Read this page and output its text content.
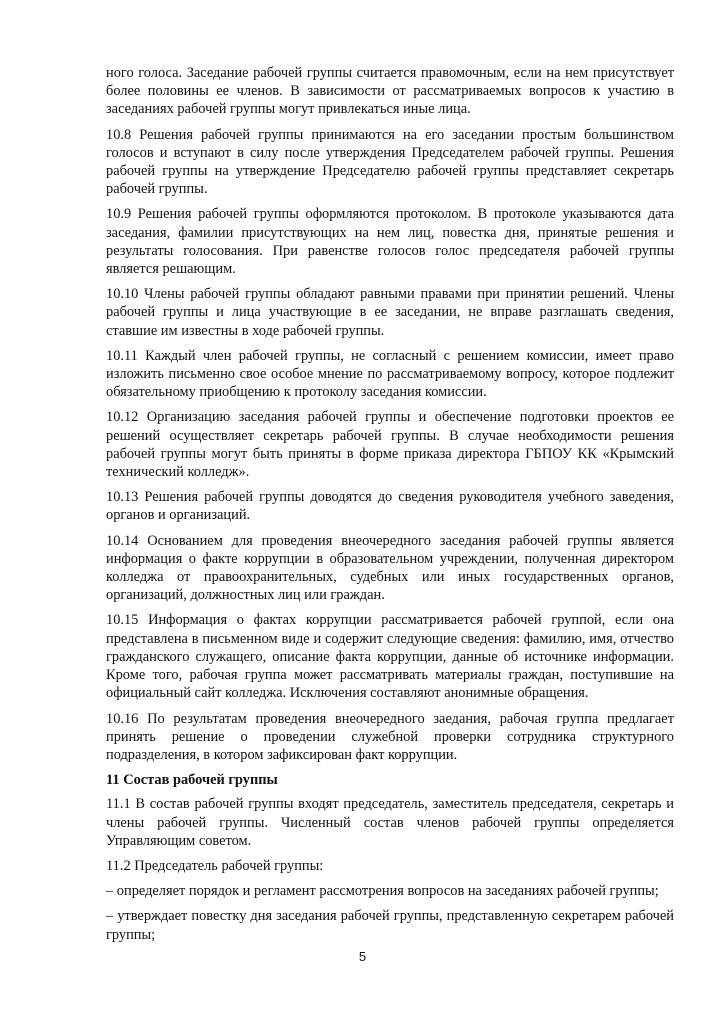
ного голоса. Заседание рабочей группы считается правомочным, если на нем присутствует более половины ее членов. В зависимости от рассматриваемых вопросов к участию в заседаниях рабочей группы могут привлекаться иные лица.

10.8 Решения рабочей группы принимаются на его заседании простым большинством голосов и вступают в силу после утверждения Председателем рабочей группы. Решения рабочей группы на утверждение Председателю рабочей группы представляет секретарь рабочей группы.

10.9 Решения рабочей группы оформляются протоколом. В протоколе указываются дата заседания, фамилии присутствующих на нем лиц, повестка дня, принятые решения и результаты голосования. При равенстве голосов голос председателя рабочей группы является решающим.

10.10 Члены рабочей группы обладают равными правами при принятии решений. Члены рабочей группы и лица участвующие в ее заседании, не вправе разглашать сведения, ставшие им известны в ходе рабочей группы.

10.11 Каждый член рабочей группы, не согласный с решением комиссии, имеет право изложить письменно свое особое мнение по рассматриваемому вопросу, которое подлежит обязательному приобщению к протоколу заседания комиссии.

10.12 Организацию заседания рабочей группы и обеспечение подготовки проектов ее решений осуществляет секретарь рабочей группы. В случае необходимости решения рабочей группы могут быть приняты в форме приказа директора ГБПОУ КК «Крымский технический колледж».

10.13 Решения рабочей группы доводятся до сведения руководителя учебного заведения, органов и организаций.

10.14 Основанием для проведения внеочередного заседания рабочей группы является информация о факте коррупции в образовательном учреждении, полученная директором колледжа от правоохранительных, судебных или иных государственных органов, организаций, должностных лиц или граждан.

10.15 Информация о фактах коррупции рассматривается рабочей группой, если она представлена в письменном виде и содержит следующие сведения: фамилию, имя, отчество гражданского служащего, описание факта коррупции, данные об источнике информации. Кроме того, рабочая группа может рассматривать материалы граждан, поступившие на официальный сайт колледжа. Исключения составляют анонимные обращения.

10.16 По результатам проведения внеочередного заедания, рабочая группа предлагает принять решение о проведении служебной проверки сотрудника структурного подразделения, в котором зафиксирован факт коррупции.

11 Состав рабочей группы

11.1 В состав рабочей группы входят председатель, заместитель председателя, секретарь и члены рабочей группы. Численный состав членов рабочей группы определяется Управляющим советом.

11.2 Председатель рабочей группы:

– определяет порядок и регламент рассмотрения вопросов на заседаниях рабочей группы;

– утверждает повестку дня заседания рабочей группы, представленную секретарем рабочей группы;

5
